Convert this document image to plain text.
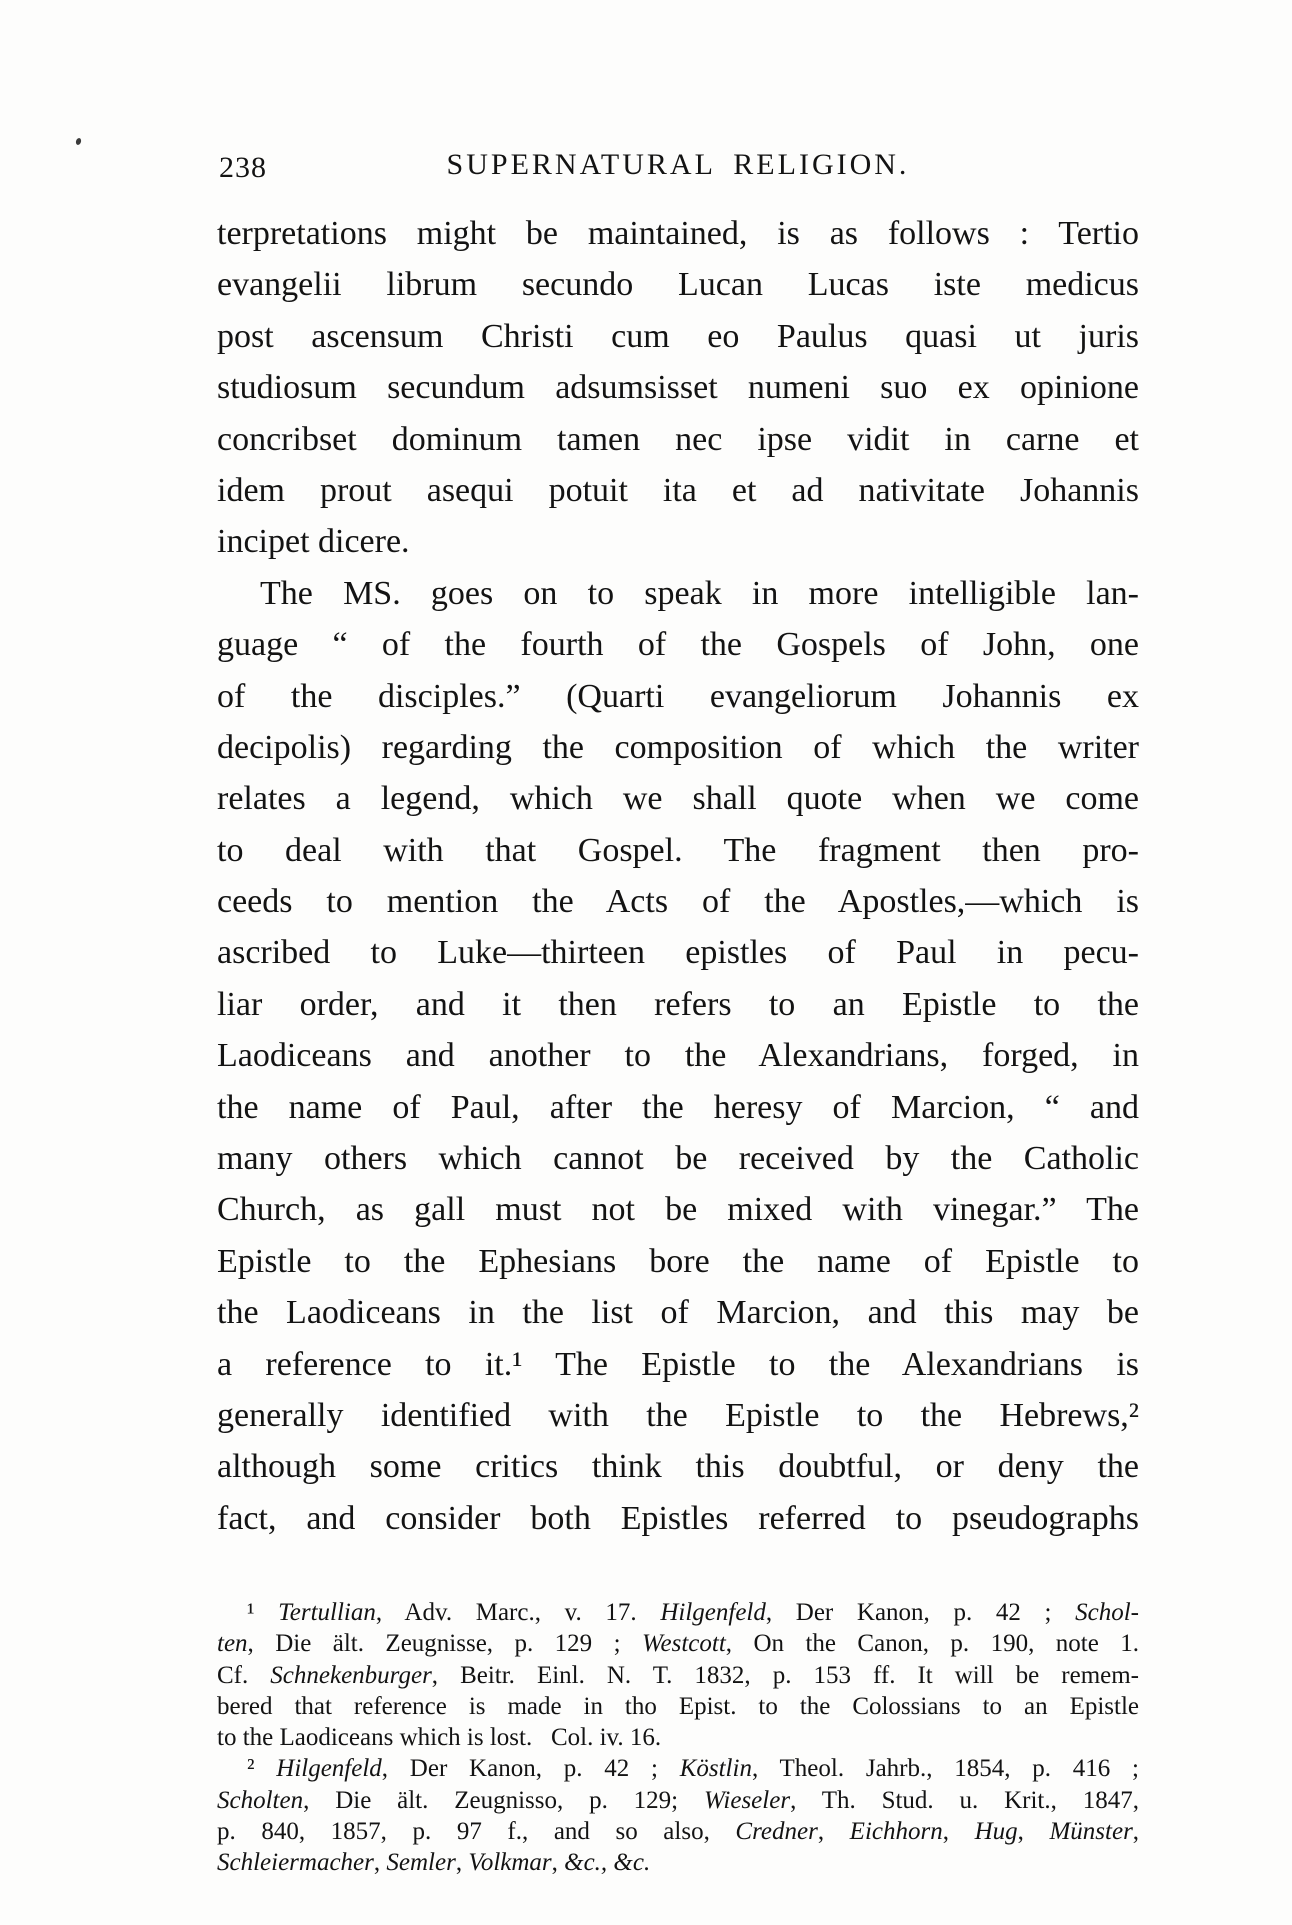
238	SUPERNATURAL RELIGION.
terpretations might be maintained, is as follows : Tertio
evangelii librum secundo Lucan Lucas iste medicus
post ascensum Christi cum eo Paulus quasi ut juris
studiosum secundum adsumsisset numeni suo ex opinione
concribset dominum tamen nec ipse vidit in carne et
idem prout asequi potuit ita et ad nativitate Johannis
incipet dicere.
The MS. goes on to speak in more intelligible lan-
guage “ of the fourth of the Gospels of John, one
of the disciples.” (Quarti evangeliorum Johannis ex
decipolis) regarding the composition of which the writer
relates a legend, which we shall quote when we come
to deal with that Gospel. The fragment then pro-
ceeds to mention the Acts of the Apostles,—which is
ascribed to Luke—thirteen epistles of Paul in pecu-
liar order, and it then refers to an Epistle to the
Laodiceans and another to the Alexandrians, forged, in
the name of Paul, after the heresy of Marcion, “ and
many others which cannot be received by the Catholic
Church, as gall must not be mixed with vinegar.” The
Epistle to the Ephesians bore the name of Epistle to
the Laodiceans in the list of Marcion, and this may be
a reference to it.¹ The Epistle to the Alexandrians is
generally identified with the Epistle to the Hebrews,²
although some critics think this doubtful, or deny the
fact, and consider both Epistles referred to pseudographs
¹ Tertullian, Adv. Marc., v. 17. Hilgenfeld, Der Kanon, p. 42 ; Schol-
ten, Die ält. Zeugnisse, p. 129 ; Westcott, On the Canon, p. 190, note 1.
Cf. Schnekenburger, Beitr. Einl. N. T. 1832, p. 153 ff. It will be remem-
bered that reference is made in tho Epist. to the Colossians to an Epistle
to the Laodiceans which is lost.  Col. iv. 16.
² Hilgenfeld, Der Kanon, p. 42 ; Köstlin, Theol. Jahrb., 1854, p. 416 ;
Scholten, Die ält. Zeugnisso, p. 129; Wieseler, Th. Stud. u. Krit., 1847,
p. 840, 1857, p. 97 f., and so also, Credner, Eichhorn, Hug, Münster,
Schleiermacher, Semler, Volkmar, &c., &c.
